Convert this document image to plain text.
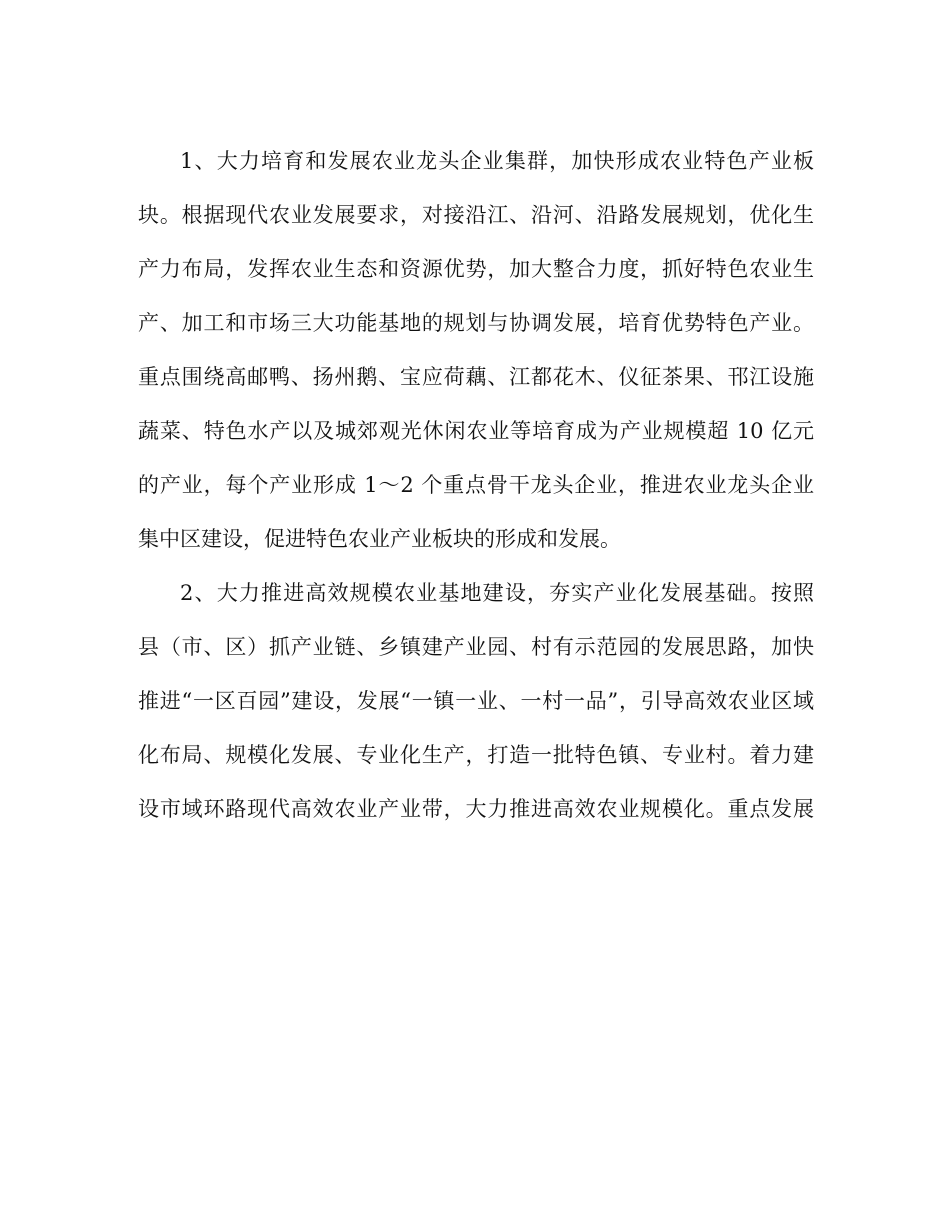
1、大力培育和发展农业龙头企业集群，加快形成农业特色产业板
块。根据现代农业发展要求，对接沿江、沿河、沿路发展规划，优化生
产力布局，发挥农业生态和资源优势，加大整合力度，抓好特色农业生
产、加工和市场三大功能基地的规划与协调发展，培育优势特色产业。
重点围绕高邮鸭、扬州鹅、宝应荷藕、江都花木、仪征茶果、邗江设施
蔬菜、特色水产以及城郊观光休闲农业等培育成为产业规模超 10 亿元
的产业，每个产业形成 1～2 个重点骨干龙头企业，推进农业龙头企业
集中区建设，促进特色农业产业板块的形成和发展。
2、大力推进高效规模农业基地建设，夯实产业化发展基础。按照
县（市、区）抓产业链、乡镇建产业园、村有示范园的发展思路，加快
推进“一区百园”建设，发展“一镇一业、一村一品”，引导高效农业区域
化布局、规模化发展、专业化生产，打造一批特色镇、专业村。着力建
设市域环路现代高效农业产业带，大力推进高效农业规模化。重点发展
